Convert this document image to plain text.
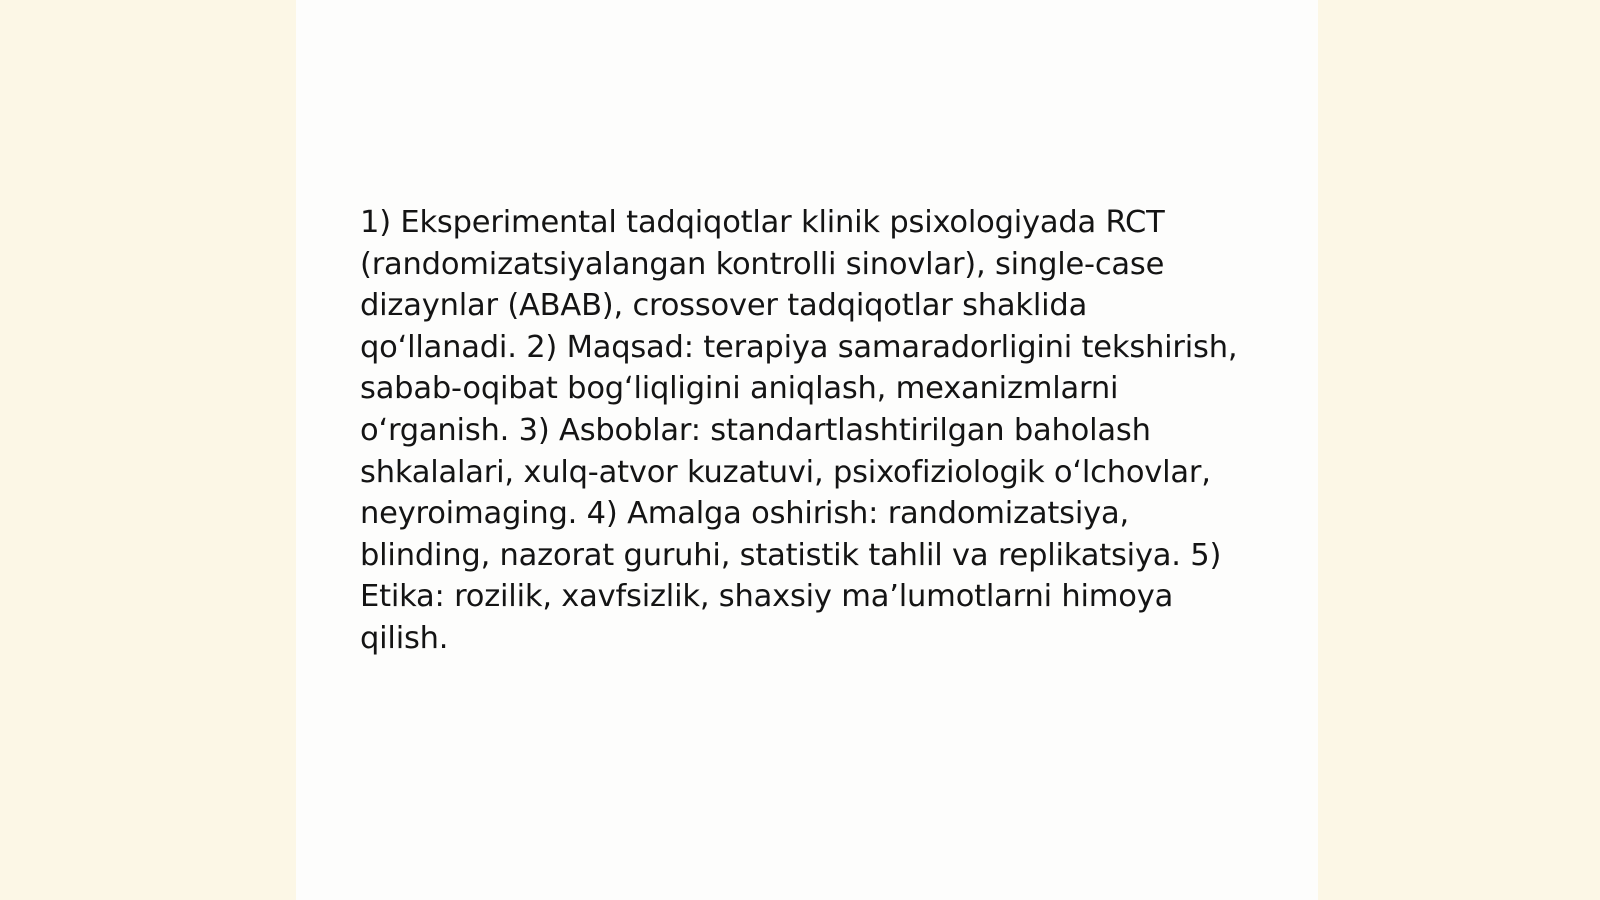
1) Eksperimental tadqiqotlar klinik psixologiyada RCT (randomizatsiyalangan kontrolli sinovlar), single-case dizaynlar (ABAB), crossover tadqiqotlar shaklida qo‘llanadi. 2) Maqsad: terapiya samaradorligini tekshirish, sabab-oqibat bog‘liqligini aniqlash, mexanizmlarni o‘rganish. 3) Asboblar: standartlashtirilgan baholash shkalalari, xulq-atvor kuzatuvi, psixofiziologik o‘lchovlar, neyroimaging. 4) Amalga oshirish: randomizatsiya, blinding, nazorat guruhi, statistik tahlil va replikatsiya. 5) Etika: rozilik, xavfsizlik, shaxsiy ma’lumotlarni himoya qilish.
